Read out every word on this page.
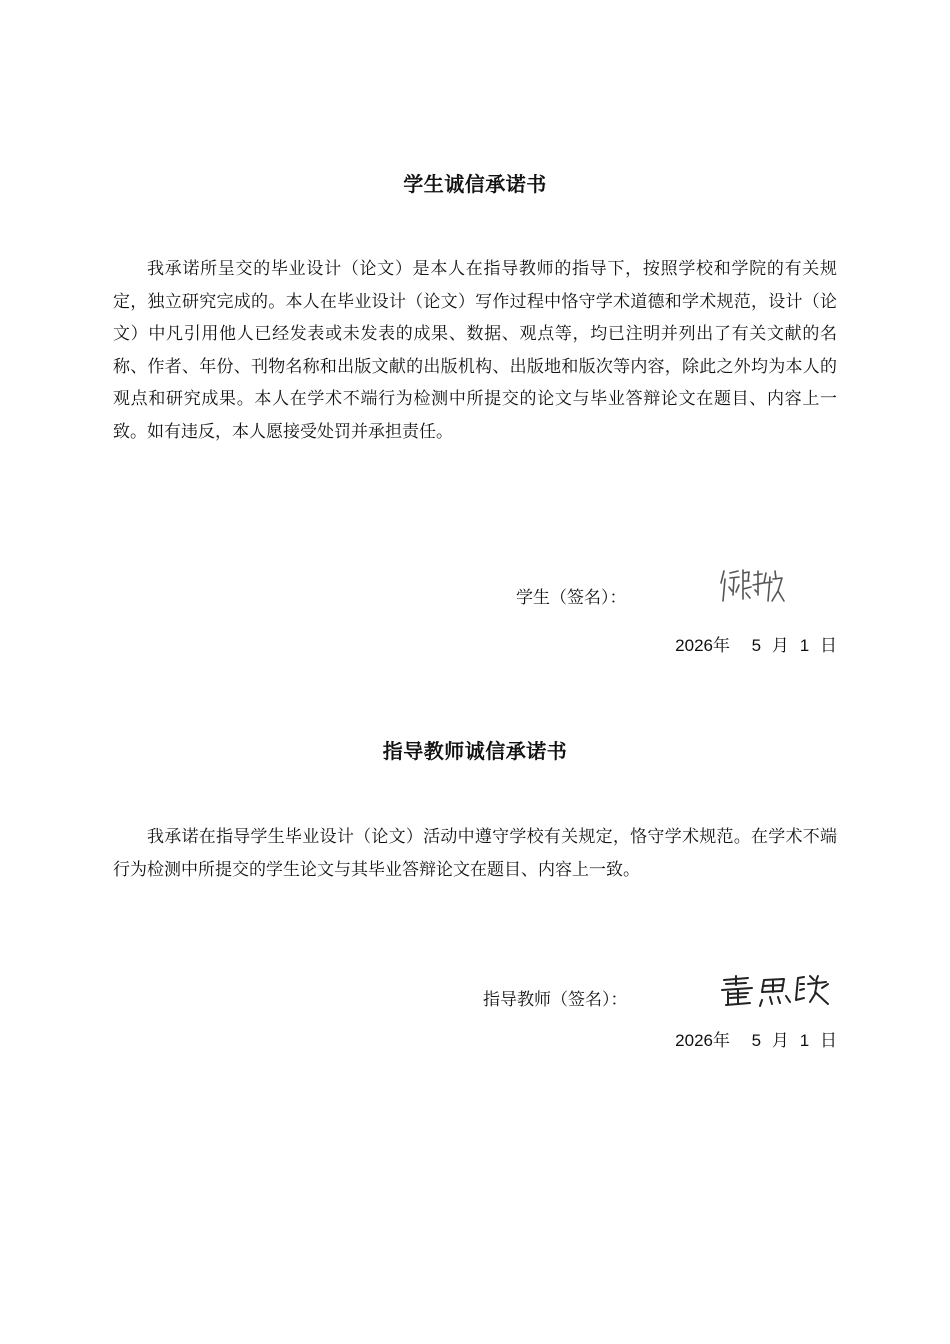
学生诚信承诺书
我承诺所呈交的毕业设计（论文）是本人在指导教师的指导下，按照学校和学院的有关规定，独立研究完成的。本人在毕业设计（论文）写作过程中恪守学术道德和学术规范，设计（论文）中凡引用他人已经发表或未发表的成果、数据、观点等，均已注明并列出了有关文献的名称、作者、年份、刊物名称和出版文献的出版机构、出版地和版次等内容，除此之外均为本人的观点和研究成果。本人在学术不端行为检测中所提交的论文与毕业答辩论文在题目、内容上一致。如有违反，本人愿接受处罚并承担责任。
学生（签名）：
2026年 5 月 1 日
指导教师诚信承诺书
我承诺在指导学生毕业设计（论文）活动中遵守学校有关规定，恪守学术规范。在学术不端行为检测中所提交的学生论文与其毕业答辩论文在题目、内容上一致。
指导教师（签名）：
2026年 5 月 1 日
